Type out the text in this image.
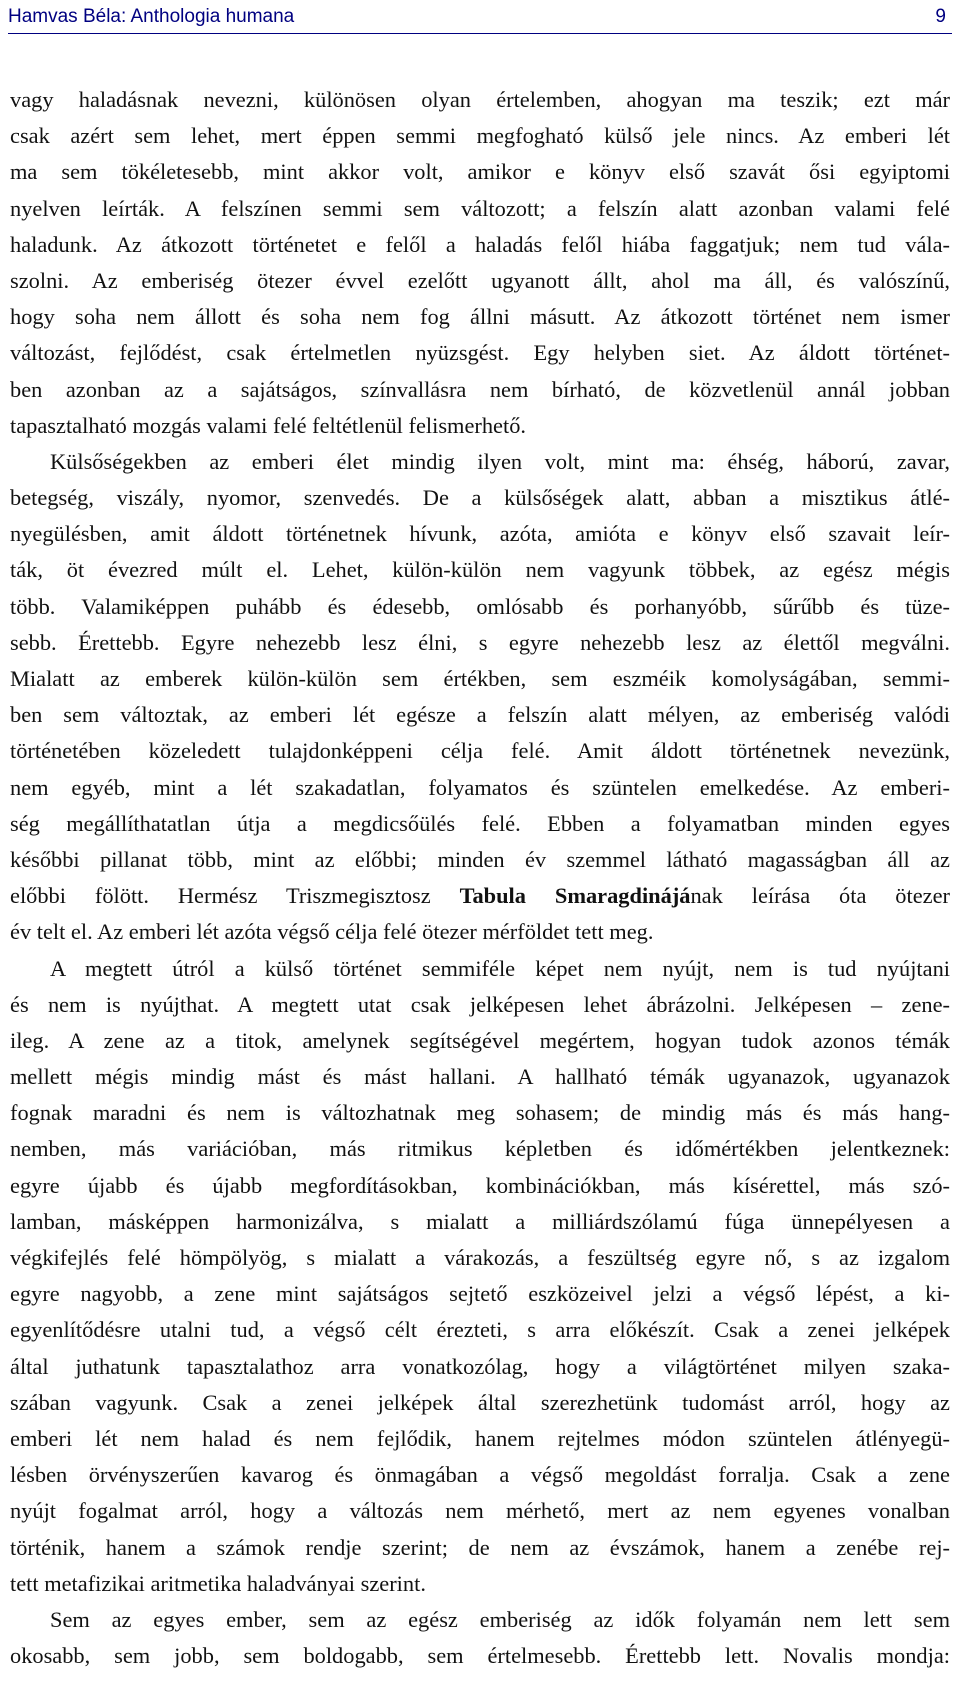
Hamvas Béla: Anthologia humana	9
vagy haladásnak nevezni, különösen olyan értelemben, ahogyan ma teszik; ezt már
csak azért sem lehet, mert éppen semmi megfogható külső jele nincs. Az emberi lét
ma sem tökéletesebb, mint akkor volt, amikor e könyv első szavát ősi egyiptomi
nyelven leírták. A felszínen semmi sem változott; a felszín alatt azonban valami felé
haladunk. Az átkozott történetet e felől a haladás felől hiába faggatjuk; nem tud vála-
szolni. Az emberiség ötezer évvel ezelőtt ugyanott állt, ahol ma áll, és valószínű,
hogy soha nem állott és soha nem fog állni másutt. Az átkozott történet nem ismer
változást, fejlődést, csak értelmetlen nyüzsgést. Egy helyben siet. Az áldott történet-
ben azonban az a sajátságos, színvallásra nem bírható, de közvetlenül annál jobban
tapasztalható mozgás valami felé feltétlenül felismerhető.
Külsőségekben az emberi élet mindig ilyen volt, mint ma: éhség, háború, zavar,
betegség, viszály, nyomor, szenvedés. De a külsőségek alatt, abban a misztikus átlé-
nyegülésben, amit áldott történetnek hívunk, azóta, amióta e könyv első szavait leír-
ták, öt évezred múlt el. Lehet, külön-külön nem vagyunk többek, az egész mégis
több. Valamiképpen puhább és édesebb, omlósabb és porhanyóbb, sűrűbb és tüze-
sebb. Érettebb. Egyre nehezebb lesz élni, s egyre nehezebb lesz az élettől megválni.
Mialatt az emberek külön-külön sem értékben, sem eszméik komolyságában, semmi-
ben sem változtak, az emberi lét egésze a felszín alatt mélyen, az emberiség valódi
történetében közeledett tulajdonképpeni célja felé. Amit áldott történetnek nevezünk,
nem egyéb, mint a lét szakadatlan, folyamatos és szüntelen emelkedése. Az emberi-
ség megállíthatatlan útja a megdicsőülés felé. Ebben a folyamatban minden egyes
későbbi pillanat több, mint az előbbi; minden év szemmel látható magasságban áll az
előbbi fölött. Hermész Triszmegisztosz Tabula Smaragdinájának leírása óta ötezer
év telt el. Az emberi lét azóta végső célja felé ötezer mérföldet tett meg.
A megtett útról a külső történet semmiféle képet nem nyújt, nem is tud nyújtani
és nem is nyújthat. A megtett utat csak jelképesen lehet ábrázolni. Jelképesen – zene-
ileg. A zene az a titok, amelynek segítségével megértem, hogyan tudok azonos témák
mellett mégis mindig mást és mást hallani. A hallható témák ugyanazok, ugyanazok
fognak maradni és nem is változhatnak meg sohasem; de mindig más és más hang-
nemben, más variációban, más ritmikus képletben és időmértékben jelentkeznek:
egyre újabb és újabb megfordításokban, kombinációkban, más kísérettel, más szó-
lamban, másképpen harmonizálva, s mialatt a milliárdszólamú fúga ünnepélyesen a
végkifejlés felé hömpölyög, s mialatt a várakozás, a feszültség egyre nő, s az izgalom
egyre nagyobb, a zene mint sajátságos sejtető eszközeivel jelzi a végső lépést, a ki-
egyenlítődésre utalni tud, a végső célt érezteti, s arra előkészít. Csak a zenei jelképek
által juthatunk tapasztalathoz arra vonatkozólag, hogy a világtörténet milyen szaka-
szában vagyunk. Csak a zenei jelképek által szerezhetünk tudomást arról, hogy az
emberi lét nem halad és nem fejlődik, hanem rejtelmes módon szüntelen átlényegü-
lésben örvényszerűen kavarog és önmagában a végső megoldást forralja. Csak a zene
nyújt fogalmat arról, hogy a változás nem mérhető, mert az nem egyenes vonalban
történik, hanem a számok rendje szerint; de nem az évszámok, hanem a zenébe rej-
tett metafizikai aritmetika haladványai szerint.
Sem az egyes ember, sem az egész emberiség az idők folyamán nem lett sem
okosabb, sem jobb, sem boldogabb, sem értelmesebb. Érettebb lett. Novalis mondja:
